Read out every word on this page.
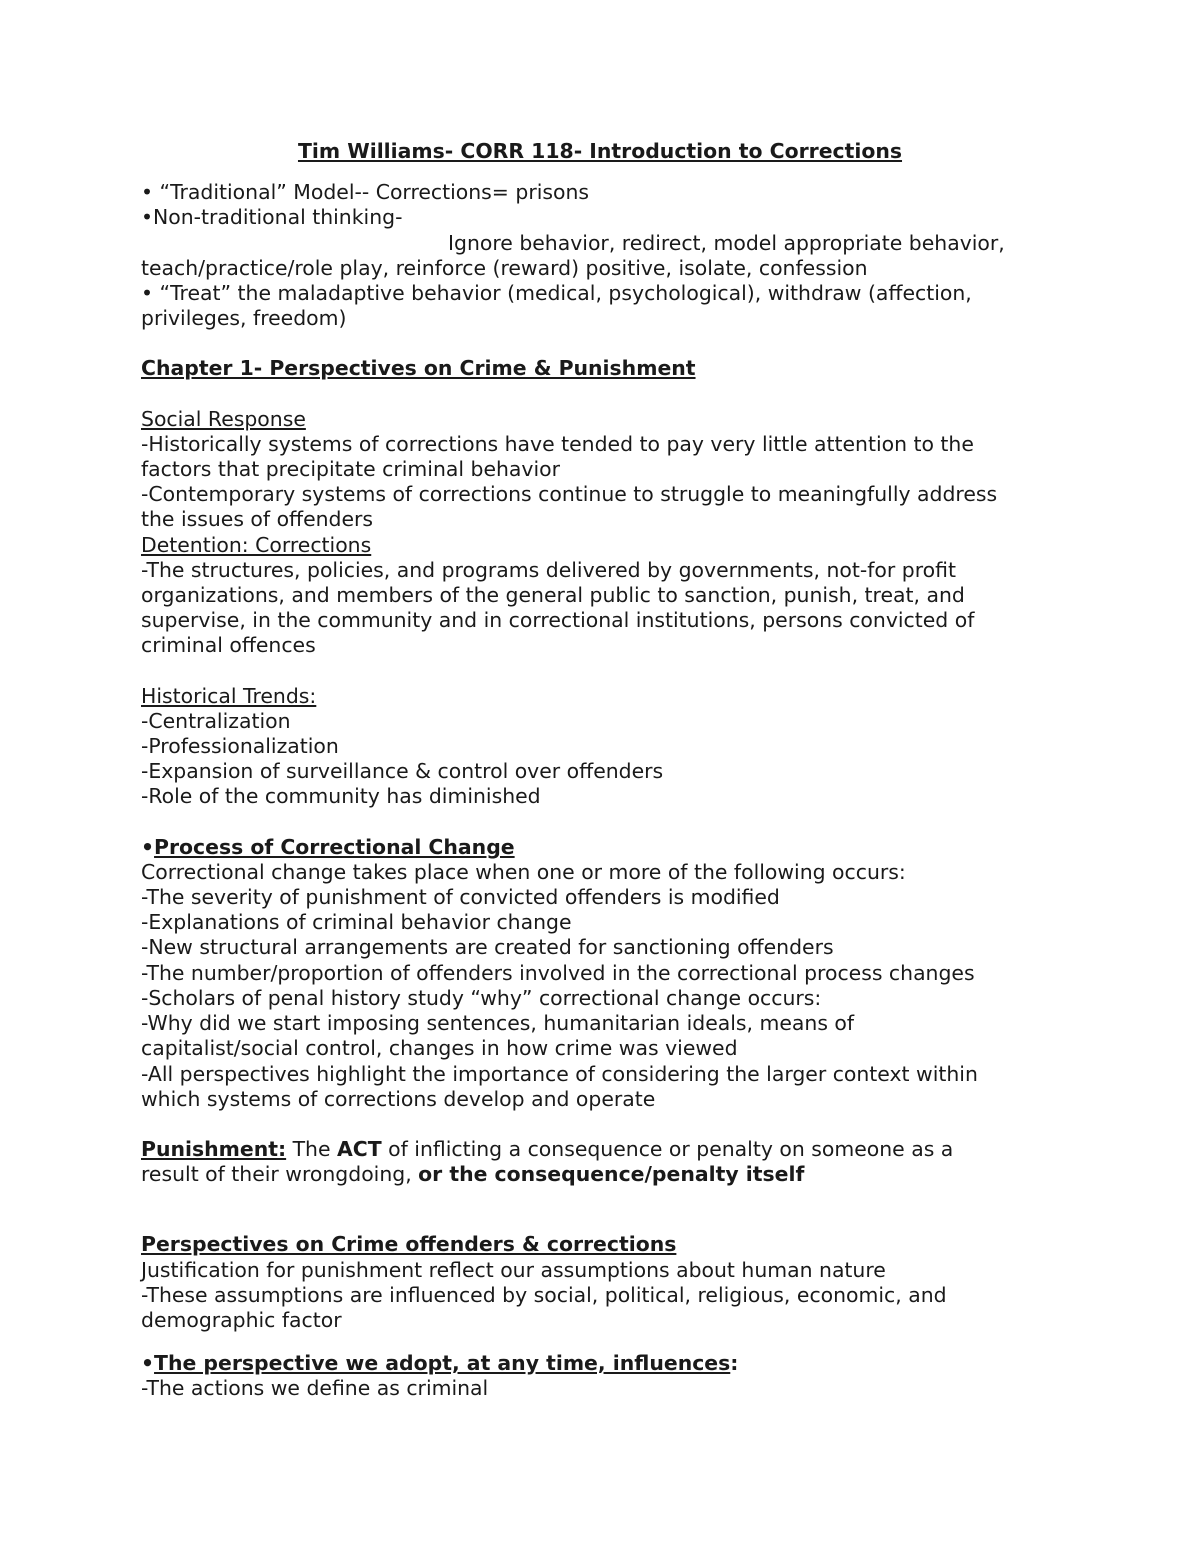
Tim Williams- CORR 118- Introduction to Corrections

• “Traditional” Model-- Corrections= prisons

•Non-traditional thinking-

Ignore behavior, redirect, model appropriate behavior,

teach/practice/role play, reinforce (reward) positive, isolate, confession

• “Treat” the maladaptive behavior (medical, psychological), withdraw (affection,

privileges, freedom)

Chapter 1- Perspectives on Crime & Punishment

Social Response

-Historically systems of corrections have tended to pay very little attention to the

factors that precipitate criminal behavior

-Contemporary systems of corrections continue to struggle to meaningfully address

the issues of offenders

Detention: Corrections

-The structures, policies, and programs delivered by governments, not-for profit

organizations, and members of the general public to sanction, punish, treat, and

supervise, in the community and in correctional institutions, persons convicted of

criminal offences

Historical Trends:

-Centralization

-Professionalization

-Expansion of surveillance & control over offenders

-Role of the community has diminished

•Process of Correctional Change

Correctional change takes place when one or more of the following occurs:

-The severity of punishment of convicted offenders is modified

-Explanations of criminal behavior change

-New structural arrangements are created for sanctioning offenders

-The number/proportion of offenders involved in the correctional process changes

-Scholars of penal history study “why” correctional change occurs:

-Why did we start imposing sentences, humanitarian ideals, means of

capitalist/social control, changes in how crime was viewed

-All perspectives highlight the importance of considering the larger context within

which systems of corrections develop and operate

Punishment: The ACT of inflicting a consequence or penalty on someone as a

result of their wrongdoing, or the consequence/penalty itself

Perspectives on Crime offenders & corrections

Justification for punishment reflect our assumptions about human nature

-These assumptions are influenced by social, political, religious, economic, and

demographic factor

•The perspective we adopt, at any time, influences:

-The actions we define as criminal
